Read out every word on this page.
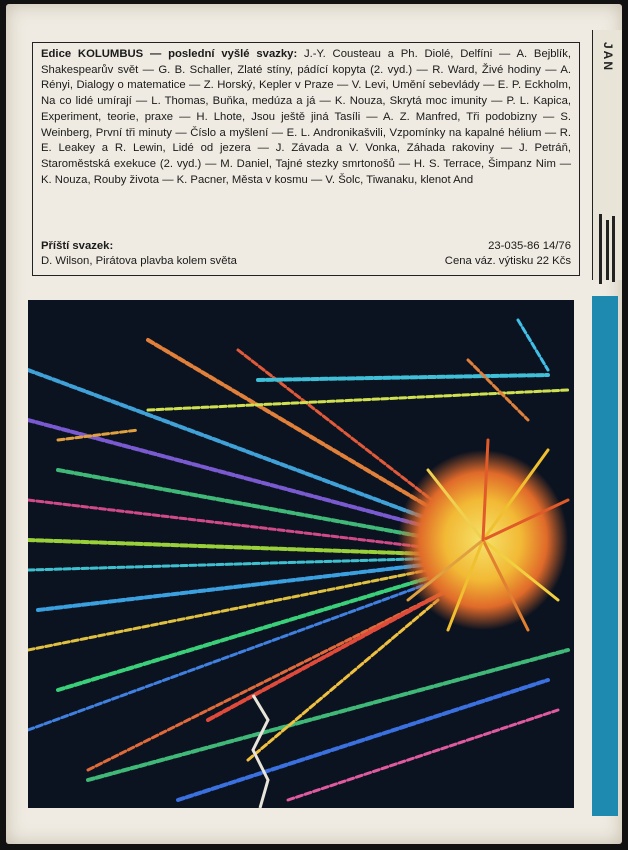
Edice KOLUMBUS — poslední vyšlé svazky: J.-Y. Cousteau a Ph. Diolé, Delfíni — A. Bejblík, Shakespearův svět — G. B. Schaller, Zlaté stíny, pádící kopyta (2. vyd.) — R. Ward, Živé hodiny — A. Rényi, Dialogy o matematice — Z. Horský, Kepler v Praze — V. Levi, Umění sebevlády — E. P. Eckholm, Na co lidé umírají — L. Thomas, Buňka, medúza a já — K. Nouza, Skrytá moc imunity — P. L. Kapica, Experiment, teorie, praxe — H. Lhote, Jsou ještě jiná Tasíli — A. Z. Manfred, Tři podobizny — S. Weinberg, První tři minuty — Číslo a myšlení — E. L. Andronikašvili, Vzpomínky na kapalné hélium — R. E. Leakey a R. Lewin, Lidé od jezera — J. Závada a V. Vonka, Záhada rakoviny — J. Petráň, Staroměstská exekuce (2. vyd.) — M. Daniel, Tajné stezky smrtonošů — H. S. Terrace, Šimpanz Nim — K. Nouza, Rouby života — K. Pacner, Města v kosmu — V. Šolc, Tiwanaku, klenot And

Příští svazek:
D. Wilson, Pirátova plavba kolem světa
23-035-86 14/76
Cena váz. výtisku 22 Kčs
JAN
